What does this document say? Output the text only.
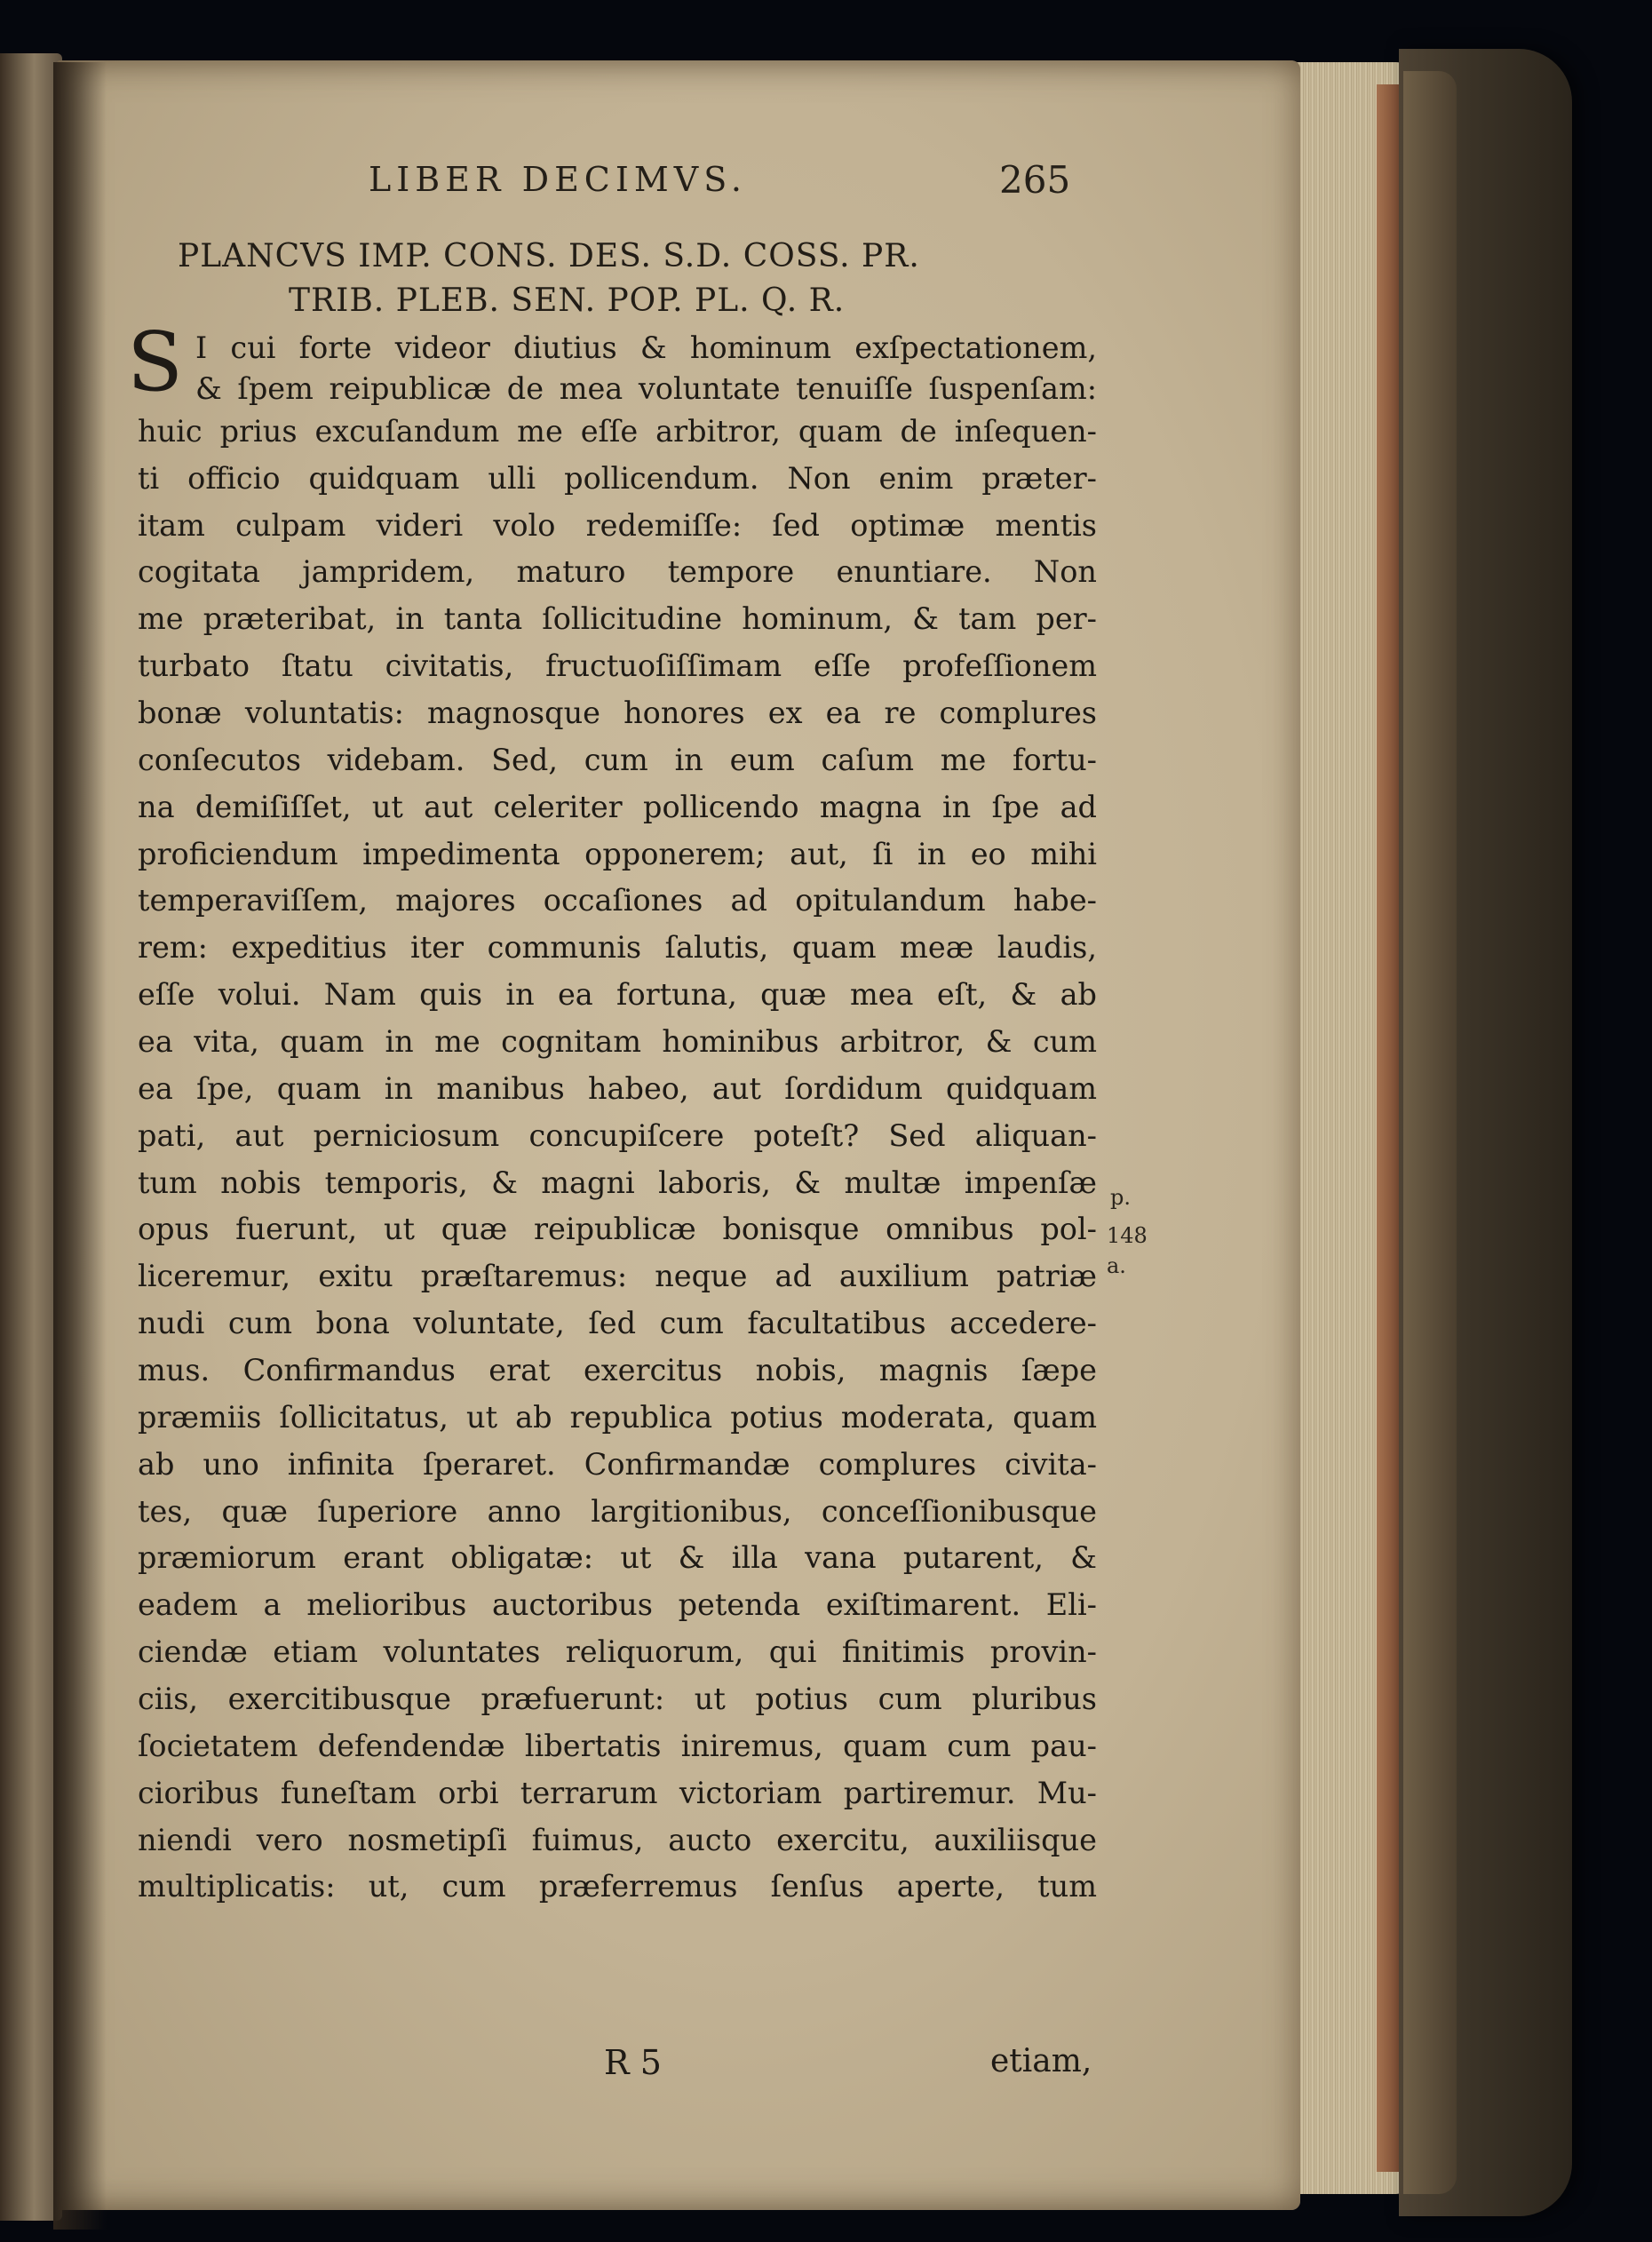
LIBER DECIMVS.	265
PLANCVS IMP. CONS. DES. S.D. COSS. PR.
TRIB. PLEB. SEN. POP. PL. Q. R.
S I cui forte videor diutius & hominum exſpectationem,
& ſpem reipublicæ de mea voluntate tenuiſſe ſuspenſam:
huic prius excuſandum me eſſe arbitror, quam de inſequen-
ti officio quidquam ulli pollicendum. Non enim præter-
itam culpam videri volo redemiſſe: ſed optimæ mentis
cogitata jampridem, maturo tempore enuntiare. Non
me præteribat, in tanta ſollicitudine hominum, & tam per-
turbato ſtatu civitatis, fructuoſiſſimam eſſe profeſſionem
bonæ voluntatis: magnosque honores ex ea re complures
conſecutos videbam. Sed, cum in eum caſum me fortu-
na demiſiſſet, ut aut celeriter pollicendo magna in ſpe ad
proficiendum impedimenta opponerem; aut, ſi in eo mihi
temperaviſſem, majores occaſiones ad opitulandum habe-
rem: expeditius iter communis ſalutis, quam meæ laudis,
eſſe volui. Nam quis in ea fortuna, quæ mea eſt, & ab
ea vita, quam in me cognitam hominibus arbitror, & cum
ea ſpe, quam in manibus habeo, aut ſordidum quidquam
pati, aut perniciosum concupiſcere poteſt? Sed aliquan-
tum nobis temporis, & magni laboris, & multæ impenſæ
opus fuerunt, ut quæ reipublicæ bonisque omnibus pol-
liceremur, exitu præſtaremus: neque ad auxilium patriæ
nudi cum bona voluntate, ſed cum facultatibus accedere-
mus. Confirmandus erat exercitus nobis, magnis ſæpe
præmiis ſollicitatus, ut ab republica potius moderata, quam
ab uno infinita ſperaret. Confirmandæ complures civita-
tes, quæ ſuperiore anno largitionibus, conceſſionibusque
præmiorum erant obligatæ: ut & illa vana putarent, &
eadem a melioribus auctoribus petenda exiſtimarent. Eli-
ciendæ etiam voluntates reliquorum, qui finitimis provin-
ciis, exercitibusque præfuerunt: ut potius cum pluribus
ſocietatem defendendæ libertatis iniremus, quam cum pau-
cioribus funeſtam orbi terrarum victoriam partiremur. Mu-
niendi vero nosmetipſi fuimus, aucto exercitu, auxiliisque
multiplicatis: ut, cum præferremus ſenſus aperte, tum
p.
148
a.
R 5	etiam,
